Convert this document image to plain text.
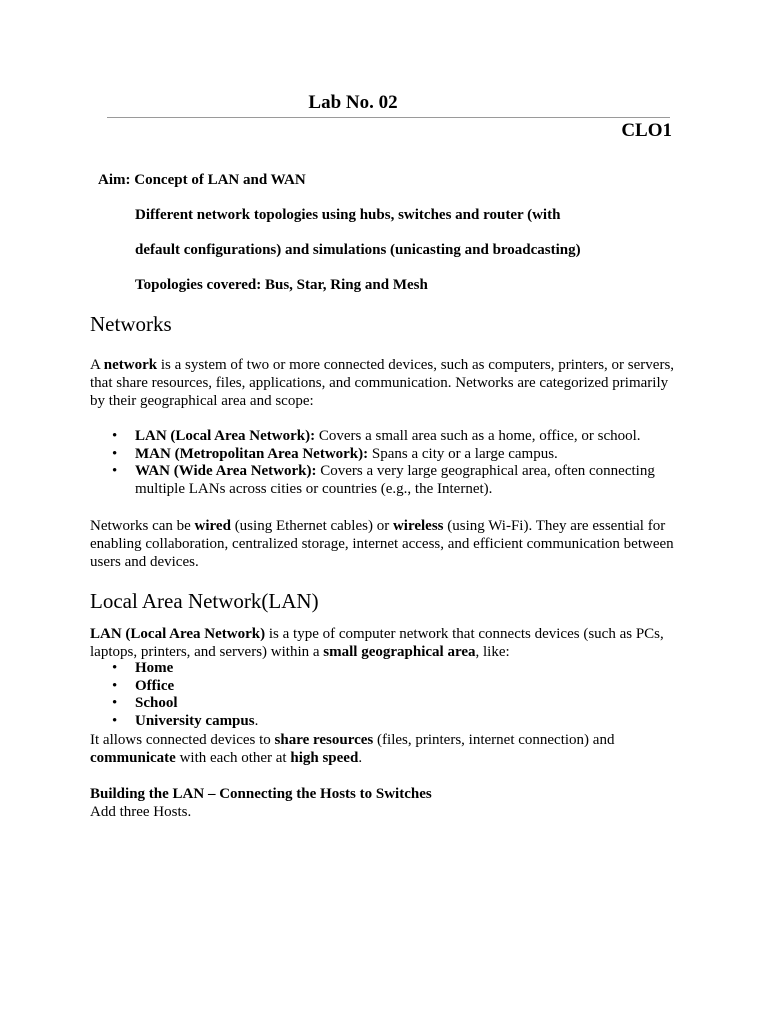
Lab No. 02
CLO1
Aim: Concept of LAN and WAN
Different network topologies using hubs, switches and router (with
default configurations) and simulations (unicasting and broadcasting)
Topologies covered: Bus, Star, Ring and Mesh
Networks
A network is a system of two or more connected devices, such as computers, printers, or servers, that share resources, files, applications, and communication. Networks are categorized primarily by their geographical area and scope:
• LAN (Local Area Network): Covers a small area such as a home, office, or school.
• MAN (Metropolitan Area Network): Spans a city or a large campus.
• WAN (Wide Area Network): Covers a very large geographical area, often connecting multiple LANs across cities or countries (e.g., the Internet).
Networks can be wired (using Ethernet cables) or wireless (using Wi-Fi). They are essential for enabling collaboration, centralized storage, internet access, and efficient communication between users and devices.
Local Area Network(LAN)
LAN (Local Area Network) is a type of computer network that connects devices (such as PCs, laptops, printers, and servers) within a small geographical area, like:
• Home
• Office
• School
• University campus.
It allows connected devices to share resources (files, printers, internet connection) and communicate with each other at high speed.
Building the LAN – Connecting the Hosts to Switches
Add three Hosts.
